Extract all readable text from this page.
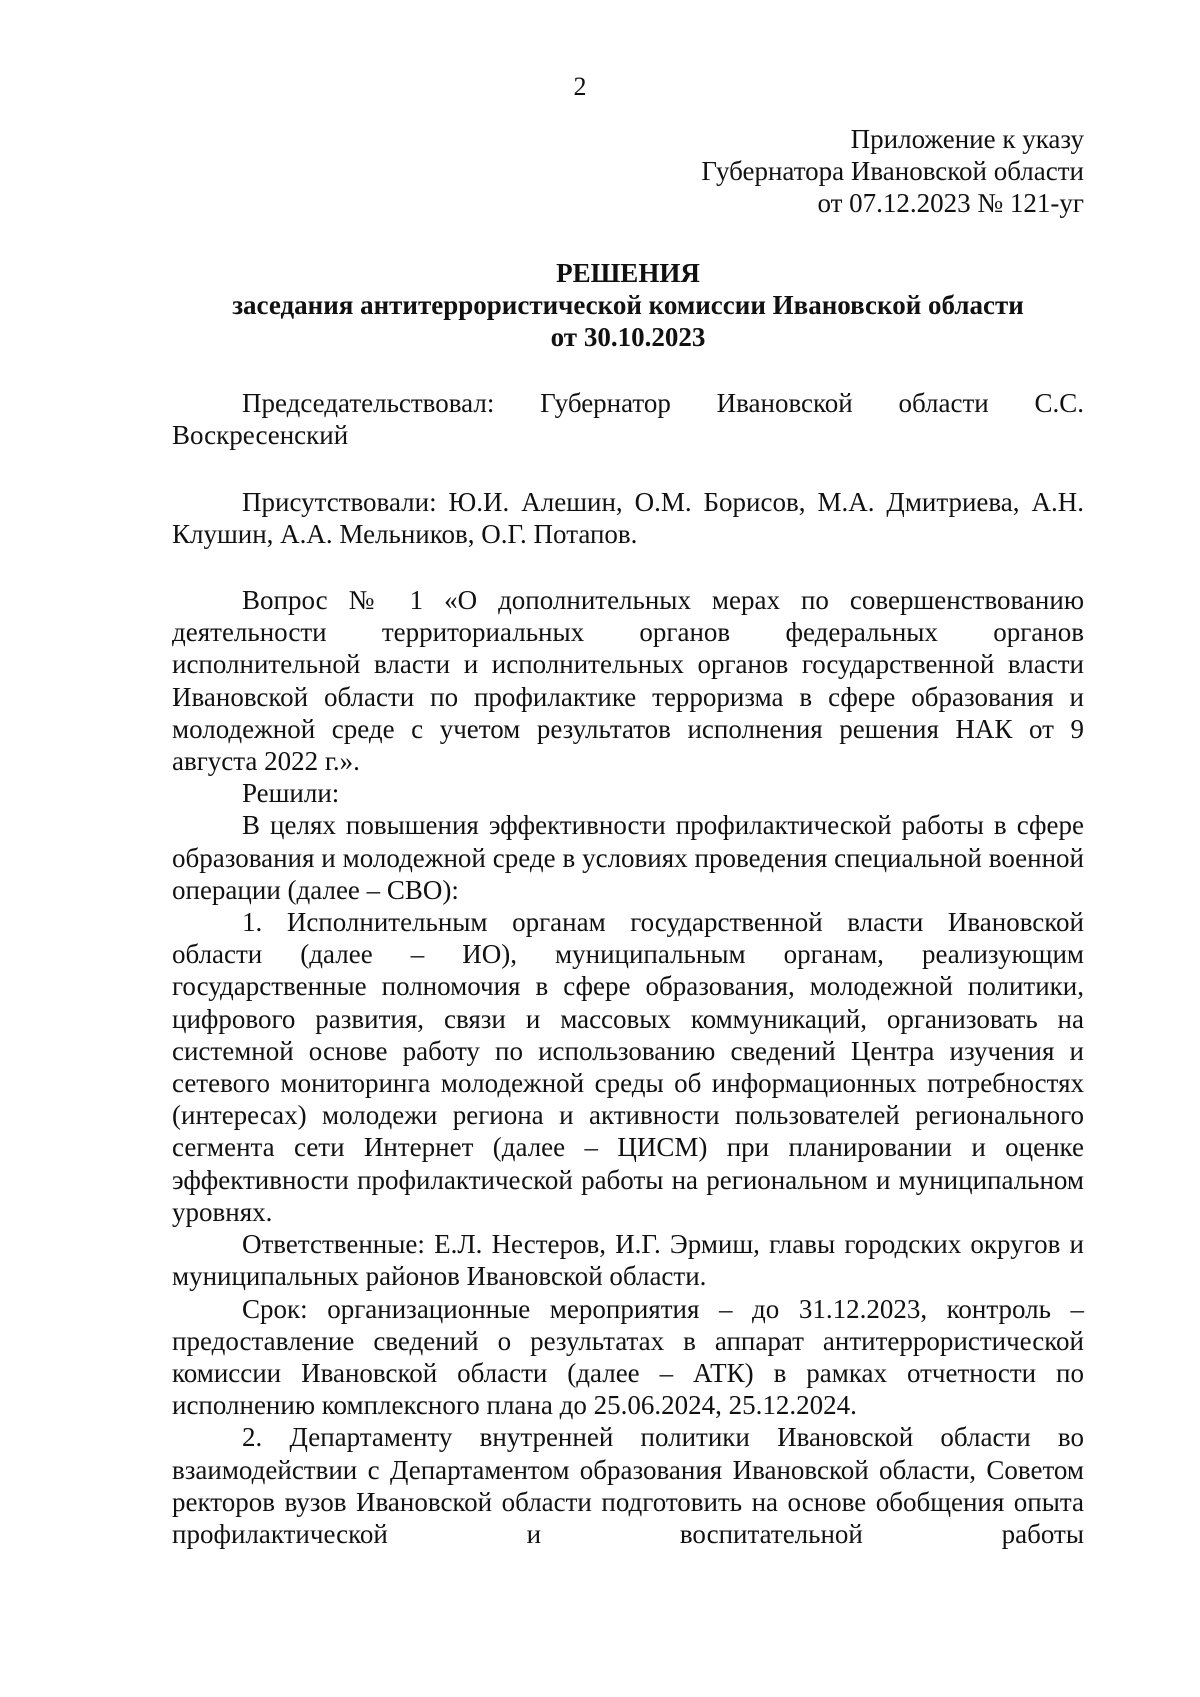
2
Приложение к указу
Губернатора Ивановской области
от 07.12.2023 № 121-уг
РЕШЕНИЯ
заседания антитеррористической комиссии Ивановской области
от 30.10.2023

Председательствовал: Губернатор Ивановской области С.С. Воскресенский

Присутствовали: Ю.И. Алешин, О.М. Борисов, М.А. Дмитриева, А.Н. Клушин, А.А. Мельников, О.Г. Потапов.

Вопрос № 1 «О дополнительных мерах по совершенствованию деятельности территориальных органов федеральных органов исполнительной власти и исполнительных органов государственной власти Ивановской области по профилактике терроризма в сфере образования и молодежной среде с учетом результатов исполнения решения НАК от 9 августа 2022 г.».

Решили:

В целях повышения эффективности профилактической работы в сфере образования и молодежной среде в условиях проведения специальной военной операции (далее – СВО):

1. Исполнительным органам государственной власти Ивановской области (далее – ИО), муниципальным органам, реализующим государственные полномочия в сфере образования, молодежной политики, цифрового развития, связи и массовых коммуникаций, организовать на системной основе работу по использованию сведений Центра изучения и сетевого мониторинга молодежной среды об информационных потребностях (интересах) молодежи региона и активности пользователей регионального сегмента сети Интернет (далее – ЦИСМ) при планировании и оценке эффективности профилактической работы на региональном и муниципальном уровнях.

Ответственные: Е.Л. Нестеров, И.Г. Эрмиш, главы городских округов и муниципальных районов Ивановской области.

Срок: организационные мероприятия – до 31.12.2023, контроль – предоставление сведений о результатах в аппарат антитеррористической комиссии Ивановской области (далее – АТК) в рамках отчетности по исполнению комплексного плана до 25.06.2024, 25.12.2024.

2. Департаменту внутренней политики Ивановской области во взаимодействии с Департаментом образования Ивановской области, Советом ректоров вузов Ивановской области подготовить на основе обобщения опыта профилактической и воспитательной работы
